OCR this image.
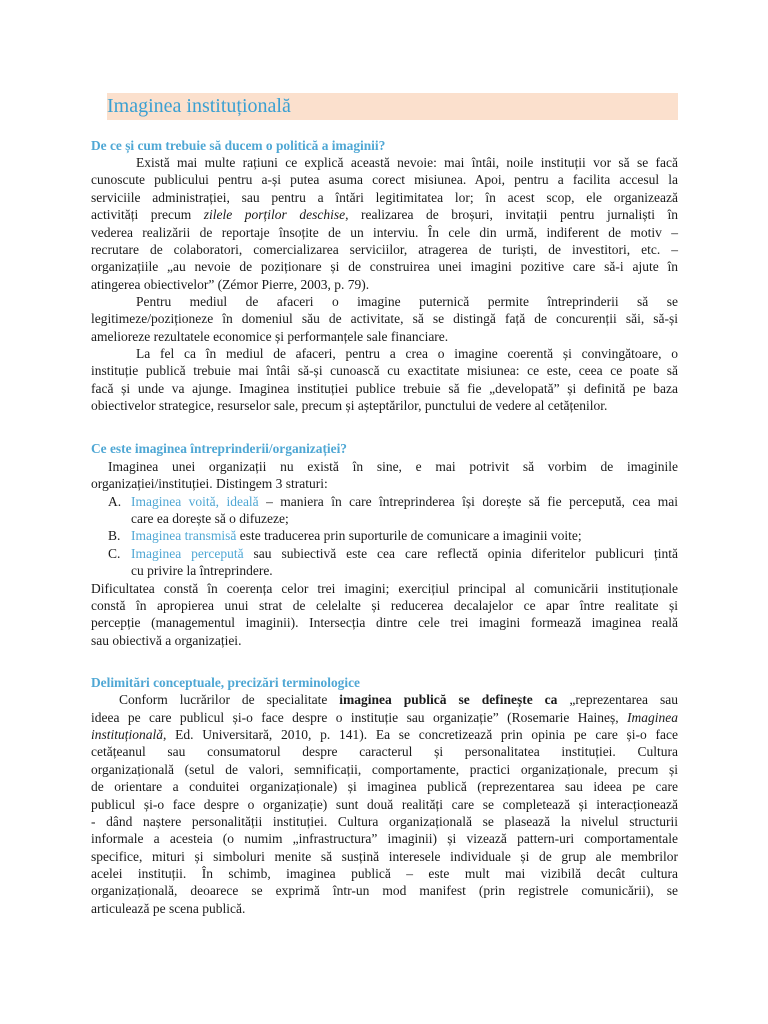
Imaginea instituțională
De ce și cum trebuie să ducem o politică a imaginii?
Există mai multe rațiuni ce explică această nevoie: mai întâi, noile instituții vor să se facă
cunoscute publicului pentru a-și putea asuma corect misiunea. Apoi, pentru a facilita accesul la
serviciile administrației, sau pentru a întări legitimitatea lor; în acest scop, ele organizează
activități precum zilele porților deschise, realizarea de broșuri, invitații pentru jurnaliști în
vederea realizării de reportaje însoțite de un interviu. În cele din urmă, indiferent de motiv –
recrutare de colaboratori, comercializarea serviciilor, atragerea de turiști, de investitori, etc. –
organizațiile „au nevoie de poziționare și de construirea unei imagini pozitive care să-i ajute în
atingerea obiectivelor” (Zémor Pierre, 2003, p. 79).
Pentru mediul de afaceri o imagine puternică permite întreprinderii să se
legitimeze/poziționeze în domeniul său de activitate, să se distingă față de concurenții săi, să-și
amelioreze rezultatele economice și performanțele sale financiare.
La fel ca în mediul de afaceri, pentru a crea o imagine coerentă și convingătoare, o
instituție publică trebuie mai întâi să-și cunoască cu exactitate misiunea: ce este, ceea ce poate să
facă și unde va ajunge. Imaginea instituției publice trebuie să fie „developată” și definită pe baza
obiectivelor strategice, resurselor sale, precum și așteptărilor, punctului de vedere al cetățenilor.
Ce este imaginea întreprinderii/organizației?
Imaginea unei organizații nu există în sine, e mai potrivit să vorbim de imaginile
organizației/instituției. Distingem 3 straturi:
A. Imaginea voită, ideală – maniera în care întreprinderea își dorește să fie percepută, cea mai
care ea dorește să o difuzeze;
B. Imaginea transmisă este traducerea prin suporturile de comunicare a imaginii voite;
C. Imaginea percepută sau subiectivă este cea care reflectă opinia diferitelor publicuri țintă
cu privire la întreprindere.
Dificultatea constă în coerența celor trei imagini; exercițiul principal al comunicării instituționale
constă în apropierea unui strat de celelalte și reducerea decalajelor ce apar între realitate și
percepție (managementul imaginii). Intersecția dintre cele trei imagini formează imaginea reală
sau obiectivă a organizației.
Delimitări conceptuale, precizări terminologice
Conform lucrărilor de specialitate imaginea publică se definește ca „reprezentarea sau
ideea pe care publicul și-o face despre o instituție sau organizație” (Rosemarie Haineș, Imaginea
instituțională, Ed. Universitară, 2010, p. 141). Ea se concretizează prin opinia pe care și-o face
cetățeanul sau consumatorul despre caracterul și personalitatea instituției. Cultura
organizațională (setul de valori, semnificații, comportamente, practici organizaționale, precum și
de orientare a conduitei organizaționale) și imaginea publică (reprezentarea sau ideea pe care
publicul și-o face despre o organizație) sunt două realități care se completează și interacționează
- dând naștere personalității instituției. Cultura organizațională se plasează la nivelul structurii
informale a acesteia (o numim „infrastructura” imaginii) și vizează pattern-uri comportamentale
specifice, mituri și simboluri menite să susțină interesele individuale și de grup ale membrilor
acelei instituții. În schimb, imaginea publică – este mult mai vizibilă decât cultura
organizațională, deoarece se exprimă într-un mod manifest (prin registrele comunicării), se
articulează pe scena publică.
